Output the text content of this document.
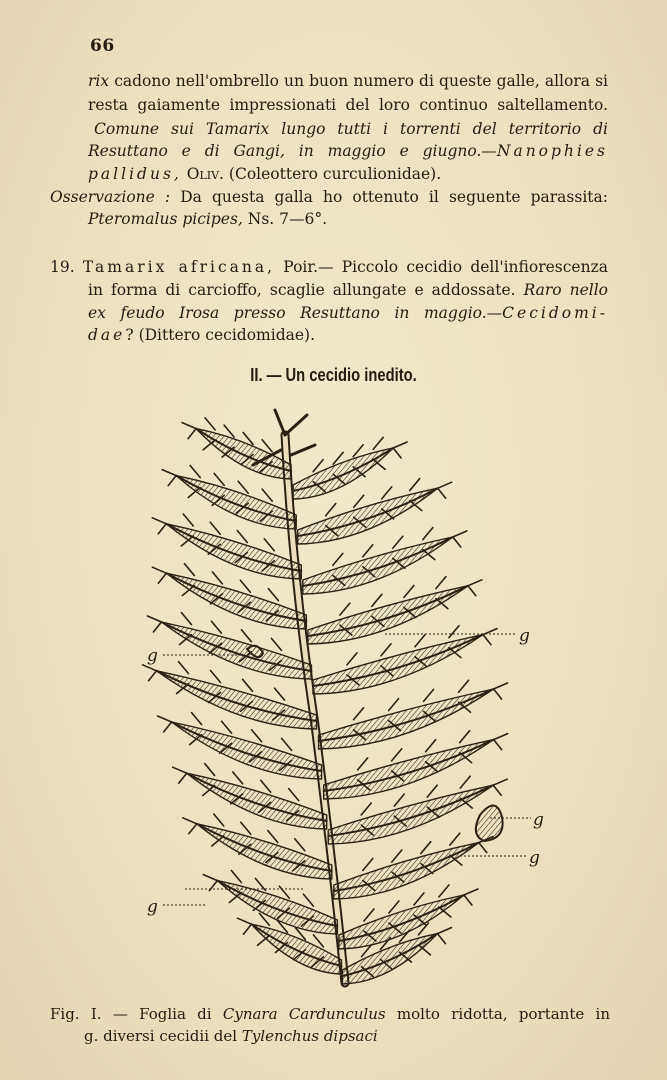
66
rix cadono nell'ombrello un buon numero di queste galle, allora si
resta gaiamente impressionati del loro continuo saltellamento.
Comune sui Tamarix lungo tutti i torrenti del territorio di
Resuttano e di Gangi, in maggio e giugno.—Nanophies
pallidus, Oliv. (Coleottero curculionidae).
Osservazione : Da questa galla ho ottenuto il seguente parassita:
Pteromalus picipes, Ns. 7—6°.
19. Tamarix africana, Poir.— Piccolo cecidio dell'infiorescenza
in forma di carcioffo, scaglie allungate e addossate. Raro nello
ex feudo Irosa presso Resuttano in maggio.—Cecidomi-
dae? (Dittero cecidomidae).
II. — Un cecidio inedito.
g
g
g
g
g
Fig. I. — Foglia di Cynara Cardunculus molto ridotta, portante in
g. diversi cecidii del Tylenchus dipsaci
